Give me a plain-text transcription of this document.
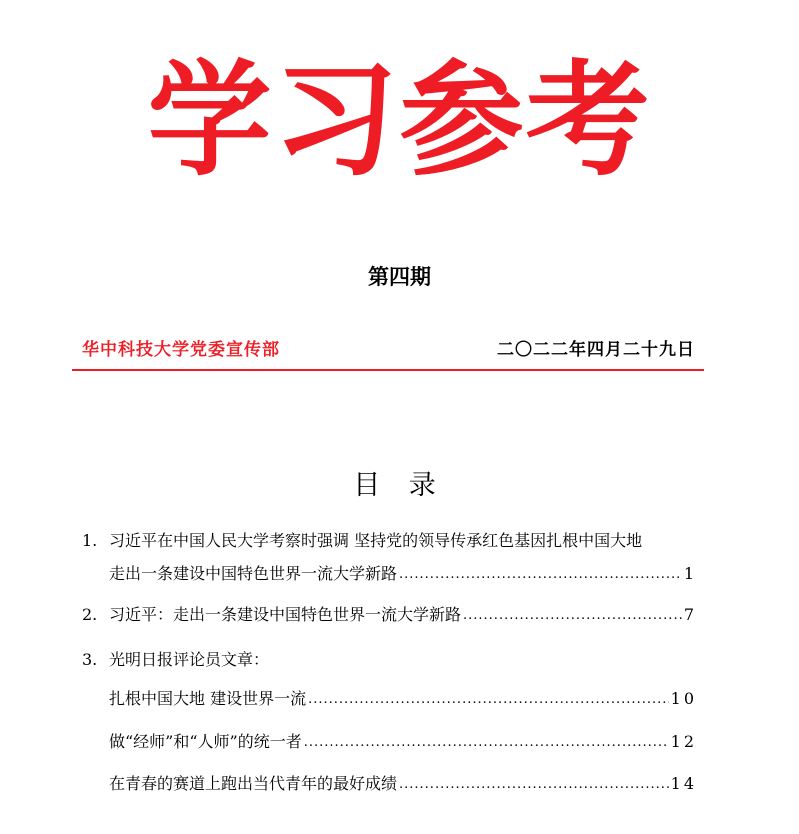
学习参考
第四期
华中科技大学党委宣传部	二〇二二年四月二十九日
目 录
1. 习近平在中国人民大学考察时强调 坚持党的领导传承红色基因扎根中国大地
走出一条建设中国特色世界一流大学新路 .....	1
2. 习近平：走出一条建设中国特色世界一流大学新路 .....	7
3. 光明日报评论员文章：
扎根中国大地 建设世界一流 .....	10
做“经师”和“人师”的统一者 .....	12
在青春的赛道上跑出当代青年的最好成绩 .....	14
